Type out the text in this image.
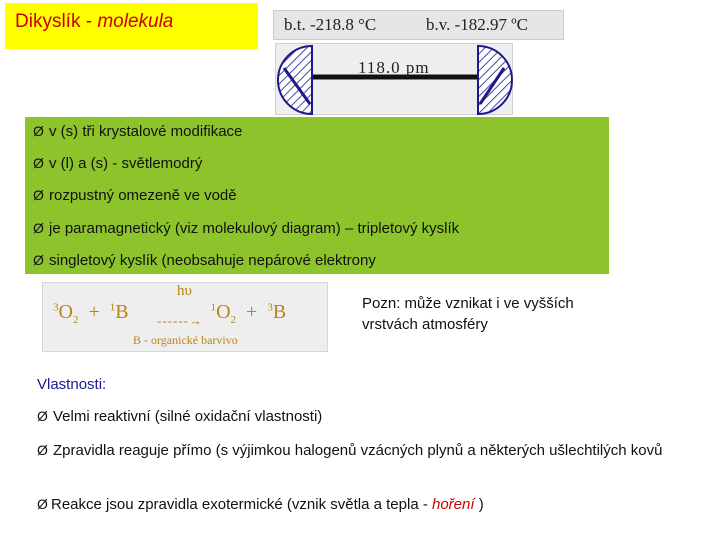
Dikyslík - molekula	b.t. -218.8 °C	b.v. -182.97 ºC
118.0 pm
Ø v (s) tři krystalové modifikace
Ø v (l) a (s) - světlemodrý
Ø rozpustný omezeně ve vodě
Ø je paramagnetický (viz molekulový diagram) – tripletový kyslík
Ø singletový kyslík (neobsahuje nepárové elektrony
hυ
$^3O_2 + ^1B$	$^1O_2 + ^3B$
------→
B - organické barvivo
Pozn: může vznikat i ve vyšších vrstvách atmosféry
Vlastnosti:
Ø Velmi reaktivní (silné oxidační vlastnosti)
Ø Zpravidla reaguje přímo (s výjimkou halogenů vzácných plynů a některých ušlechtilých kovů
Ø Reakce jsou zpravidla exotermické (vznik světla a tepla - hoření )
